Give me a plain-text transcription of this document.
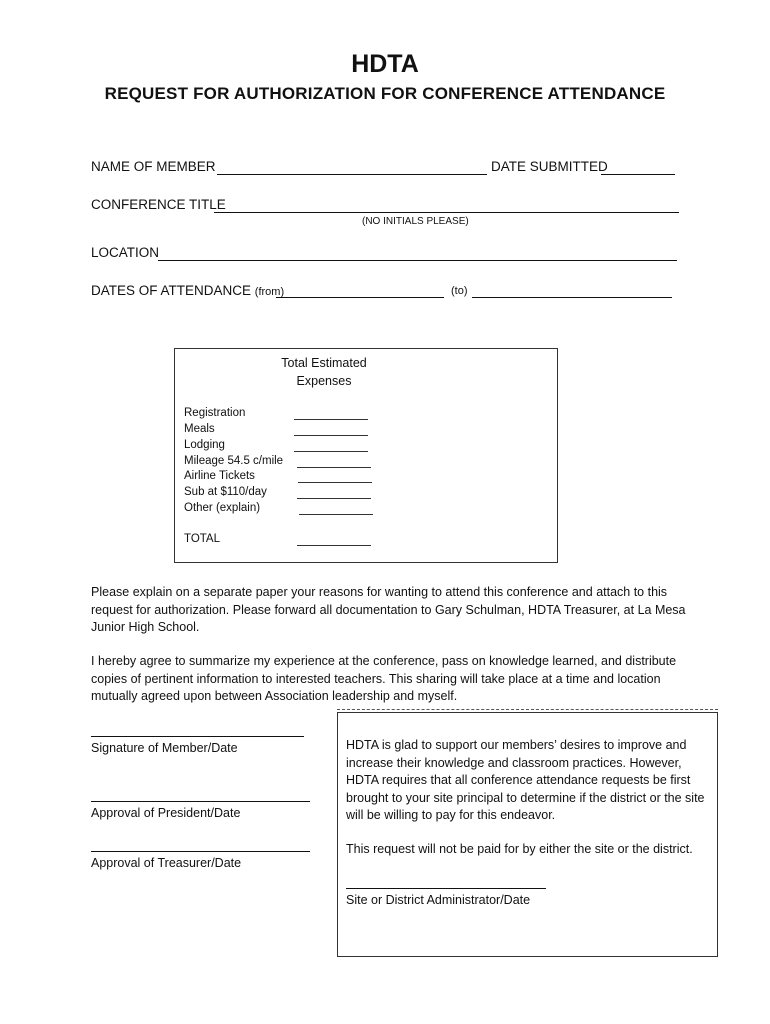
HDTA
REQUEST FOR AUTHORIZATION FOR CONFERENCE ATTENDANCE
NAME OF MEMBER	DATE SUBMITTED
CONFERENCE TITLE
(NO INITIALS PLEASE)
LOCATION
DATES OF ATTENDANCE (from)	(to)
Total Estimated Expenses
Registration
Meals
Lodging
Mileage 54.5 c/mile
Airline Tickets
Sub at $110/day
Other (explain)
TOTAL
Please explain on a separate paper your reasons for wanting to attend this conference and attach to this request for authorization. Please forward all documentation to Gary Schulman, HDTA Treasurer, at La Mesa Junior High School.
I hereby agree to summarize my experience at the conference, pass on knowledge learned, and distribute copies of pertinent information to interested teachers. This sharing will take place at a time and location mutually agreed upon between Association leadership and myself.
Signature of Member/Date
Approval of President/Date
Approval of Treasurer/Date
HDTA is glad to support our members’ desires to improve and increase their knowledge and classroom practices. However, HDTA requires that all conference attendance requests be first brought to your site principal to determine if the district or the site will be willing to pay for this endeavor.
This request will not be paid for by either the site or the district.
Site or District Administrator/Date
